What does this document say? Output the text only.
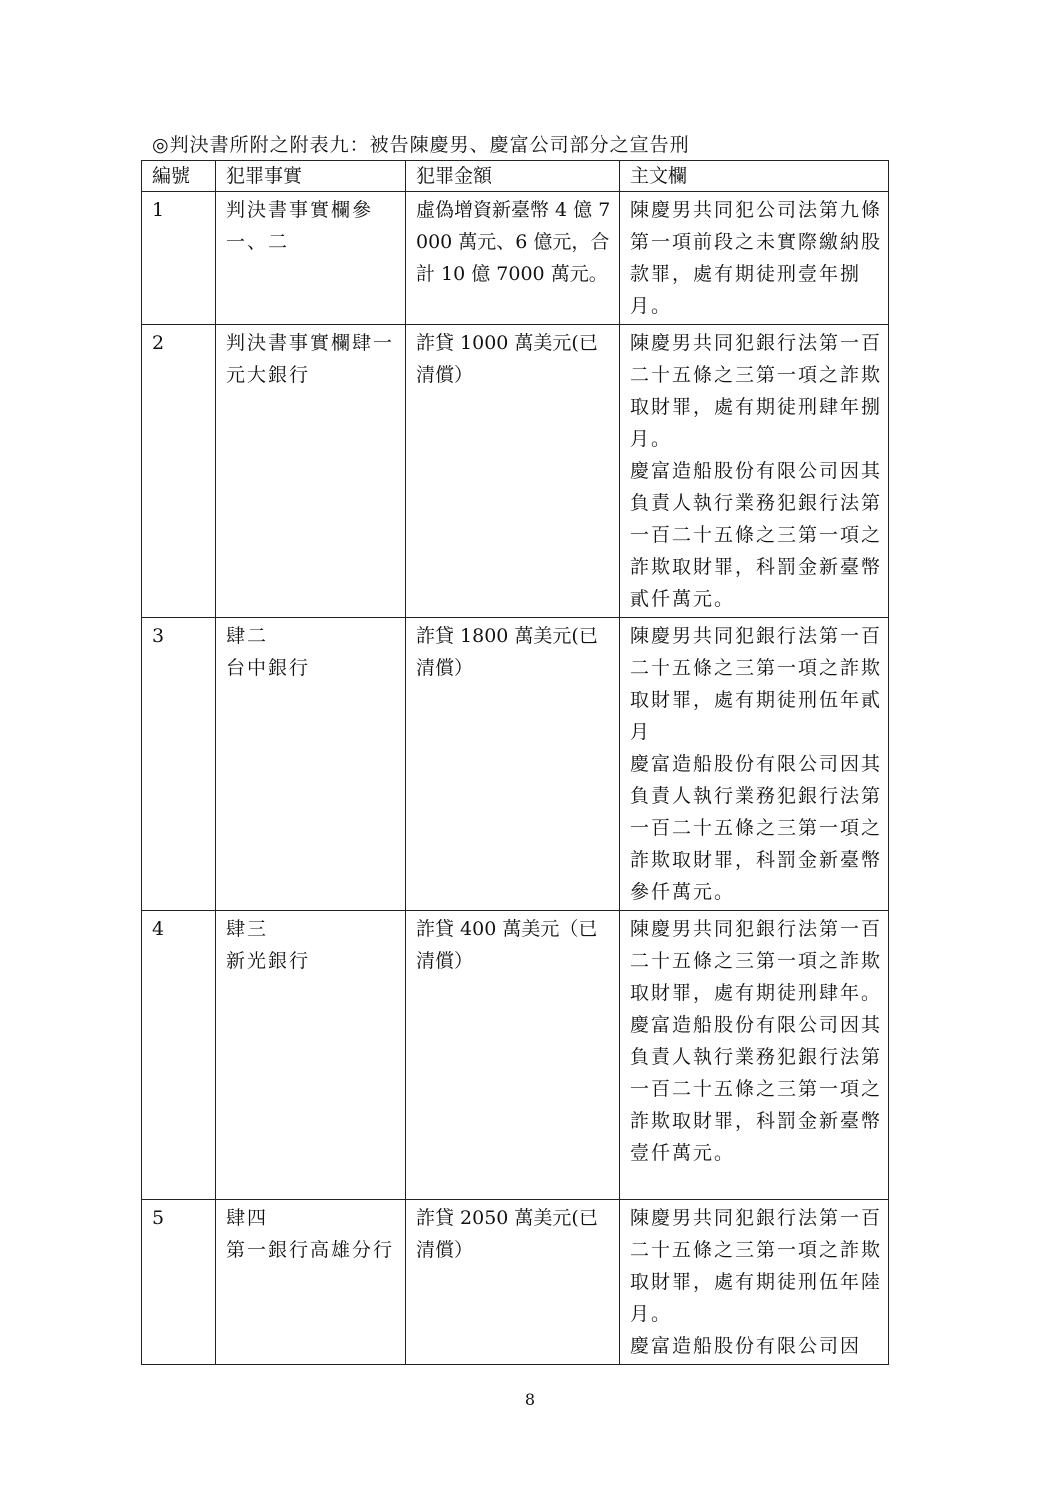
◎判決書所附之附表九：被告陳慶男、慶富公司部分之宣告刑
編號	犯罪事實	犯罪金額	主文欄
1	判決書事實欄參一、二	虛偽增資新臺幣 4 億 7000 萬元、6 億元，合計 10 億 7000 萬元。	陳慶男共同犯公司法第九條第一項前段之未實際繳納股款罪，處有期徒刑壹年捌月。

2	判決書事實欄肆一
元大銀行	詐貸 1000 萬美元(已清償）	陳慶男共同犯銀行法第一百二十五條之三第一項之詐欺取財罪，處有期徒刑肆年捌月。
慶富造船股份有限公司因其負責人執行業務犯銀行法第一百二十五條之三第一項之詐欺取財罪，科罰金新臺幣貳仟萬元。

3	肆二
台中銀行	詐貸 1800 萬美元(已清償）	陳慶男共同犯銀行法第一百二十五條之三第一項之詐欺取財罪，處有期徒刑伍年貳月
慶富造船股份有限公司因其負責人執行業務犯銀行法第一百二十五條之三第一項之詐欺取財罪，科罰金新臺幣參仟萬元。

4	肆三
新光銀行	詐貸 400 萬美元（已清償）	陳慶男共同犯銀行法第一百二十五條之三第一項之詐欺取財罪，處有期徒刑肆年。
慶富造船股份有限公司因其負責人執行業務犯銀行法第一百二十五條之三第一項之詐欺取財罪，科罰金新臺幣壹仟萬元。

5	肆四
第一銀行高雄分行	詐貸 2050 萬美元(已清償）	陳慶男共同犯銀行法第一百二十五條之三第一項之詐欺取財罪，處有期徒刑伍年陸月。
慶富造船股份有限公司因
8
